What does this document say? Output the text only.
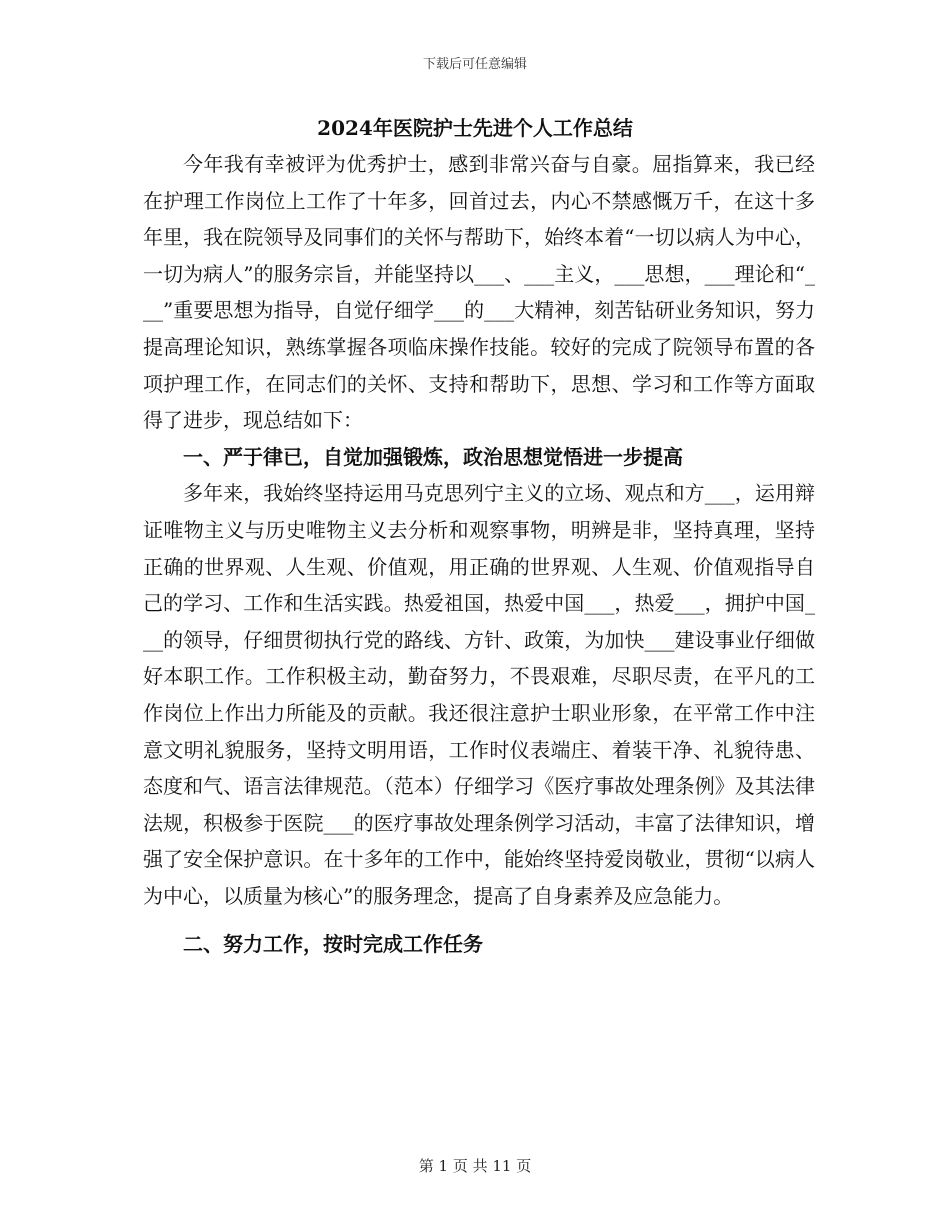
下载后可任意编辑
2024年医院护士先进个人工作总结

今年我有幸被评为优秀护士，感到非常兴奋与自豪。屈指算来，我已经在护理工作岗位上工作了十年多，回首过去，内心不禁感慨万千，在这十多年里，我在院领导及同事们的关怀与帮助下，始终本着“一切以病人为中心，一切为病人”的服务宗旨，并能坚持以___、___主义，___思想，___理论和“___”重要思想为指导，自觉仔细学___的___大精神，刻苦钻研业务知识，努力提高理论知识，熟练掌握各项临床操作技能。较好的完成了院领导布置的各项护理工作，在同志们的关怀、支持和帮助下，思想、学习和工作等方面取得了进步，现总结如下：

一、严于律已，自觉加强锻炼，政治思想觉悟进一步提高

多年来，我始终坚持运用马克思列宁主义的立场、观点和方___，运用辩证唯物主义与历史唯物主义去分析和观察事物，明辨是非，坚持真理，坚持正确的世界观、人生观、价值观，用正确的世界观、人生观、价值观指导自己的学习、工作和生活实践。热爱祖国，热爱中国___，热爱___，拥护中国___的领导，仔细贯彻执行党的路线、方针、政策，为加快___建设事业仔细做好本职工作。工作积极主动，勤奋努力，不畏艰难，尽职尽责，在平凡的工作岗位上作出力所能及的贡献。我还很注意护士职业形象，在平常工作中注意文明礼貌服务，坚持文明用语，工作时仪表端庄、着装干净、礼貌待患、态度和气、语言法律规范。（范本）仔细学习《医疗事故处理条例》及其法律法规，积极参于医院___的医疗事故处理条例学习活动，丰富了法律知识，增强了安全保护意识。在十多年的工作中，能始终坚持爱岗敬业，贯彻“以病人为中心，以质量为核心”的服务理念，提高了自身素养及应急能力。

二、努力工作，按时完成工作任务

第 1 页 共 11 页
